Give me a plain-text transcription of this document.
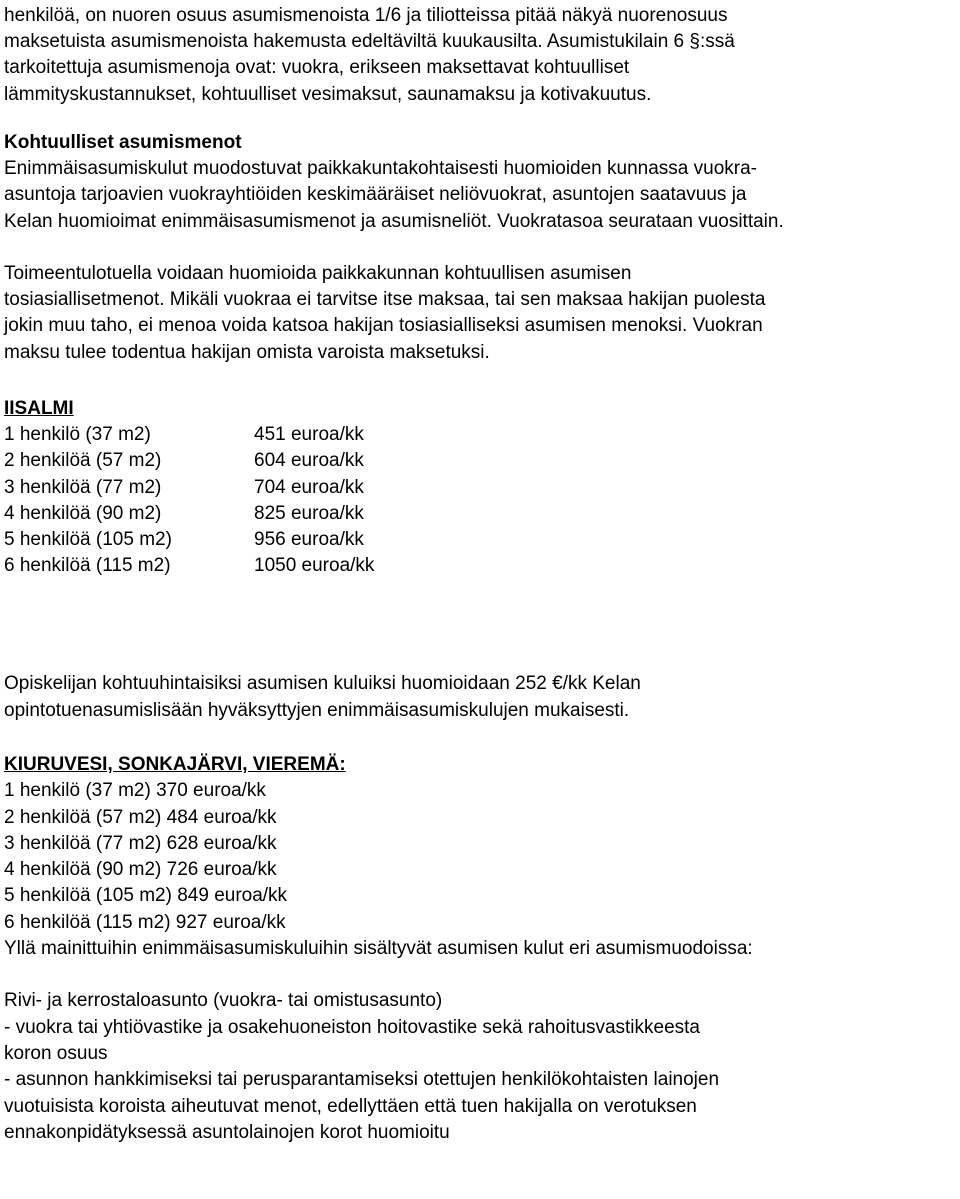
henkilöä, on nuoren osuus asumismenoista 1/6 ja tiliotteissa pitää näkyä nuorenosuus
maksetuista asumismenoista hakemusta edeltäviltä kuukausilta. Asumistukilain 6 §:ssä
tarkoitettuja asumismenoja ovat: vuokra, erikseen maksettavat kohtuulliset
lämmityskustannukset, kohtuulliset vesimaksut, saunamaksu ja kotivakuutus.
Kohtuulliset asumismenot
Enimmäisasumiskulut muodostuvat paikkakuntakohtaisesti huomioiden kunnassa vuokra-
asuntoja tarjoavien vuokrayhtiöiden keskimääräiset neliövuokrat, asuntojen saatavuus ja
Kelan huomioimat enimmäisasumismenot ja asumisneliöt. Vuokratasoa seurataan vuosittain.
Toimeentulotuella voidaan huomioida paikkakunnan kohtuullisen asumisen
tosiasiallisetmenot. Mikäli vuokraa ei tarvitse itse maksaa, tai sen maksaa hakijan puolesta
jokin muu taho, ei menoa voida katsoa hakijan tosiasialliseksi asumisen menoksi. Vuokran
maksu tulee todentua hakijan omista varoista maksetuksi.
IISALMI
1 henkilö (37 m2)	451 euroa/kk
2 henkilöä (57 m2)	604 euroa/kk
3 henkilöä (77 m2)	704 euroa/kk
4 henkilöä (90 m2)	825 euroa/kk
5 henkilöä (105 m2)	956 euroa/kk
6 henkilöä (115 m2)	1050 euroa/kk
Opiskelijan kohtuuhintaisiksi asumisen kuluiksi huomioidaan 252 €/kk Kelan
opintotuenasumislisään hyväksyttyjen enimmäisasumiskulujen mukaisesti.
KIURUVESI, SONKAJÄRVI, VIEREMÄ:
1 henkilö (37 m2) 370 euroa/kk
2 henkilöä (57 m2) 484 euroa/kk
3 henkilöä (77 m2) 628 euroa/kk
4 henkilöä (90 m2) 726 euroa/kk
5 henkilöä (105 m2) 849 euroa/kk
6 henkilöä (115 m2) 927 euroa/kk
Yllä mainittuihin enimmäisasumiskuluihin sisältyvät asumisen kulut eri asumismuodoissa:
Rivi- ja kerrostaloasunto (vuokra- tai omistusasunto)
- vuokra tai yhtiövastike ja osakehuoneiston hoitovastike sekä rahoitusvastikkeesta
koron osuus
- asunnon hankkimiseksi tai perusparantamiseksi otettujen henkilökohtaisten lainojen
vuotuisista koroista aiheutuvat menot, edellyttäen että tuen hakijalla on verotuksen
ennakonpidätyksessä asuntolainojen korot huomioitu
